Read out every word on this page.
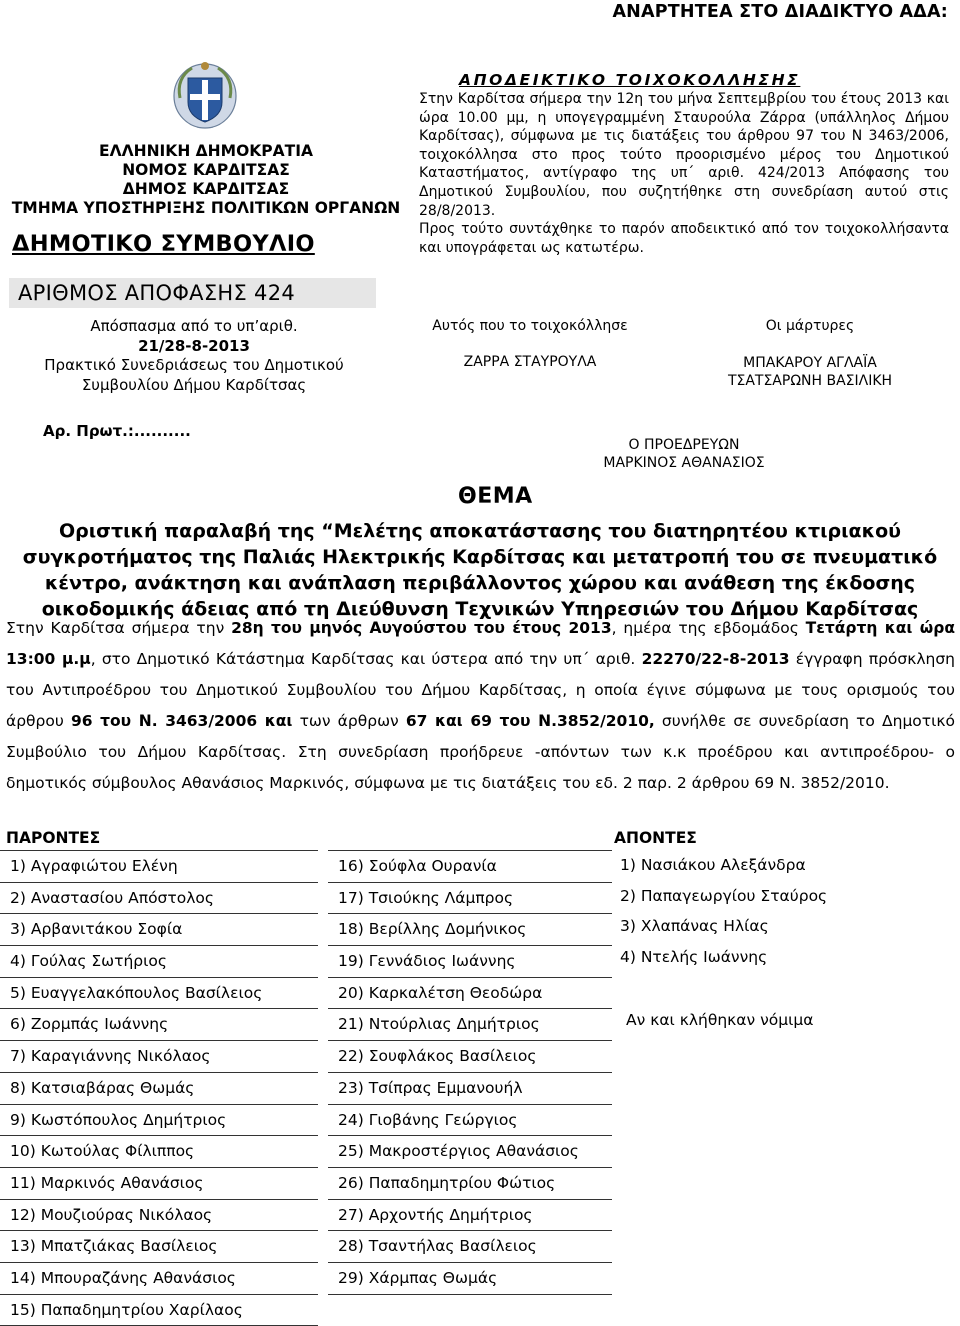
ΑΝΑΡΤΗΤΕΑ ΣΤΟ ΔΙΑΔΙΚΤΥΟ ΑΔΑ:
ΕΛΛΗΝΙΚΗ ΔΗΜΟΚΡΑΤΙΑ
ΝΟΜΟΣ ΚΑΡΔΙΤΣΑΣ
ΔΗΜΟΣ ΚΑΡΔΙΤΣΑΣ
ΤΜΗΜΑ ΥΠΟΣΤΗΡΙΞΗΣ ΠΟΛΙΤΙΚΩΝ ΟΡΓΑΝΩΝ
ΔΗΜΟΤΙΚΟ ΣΥΜΒΟΥΛΙΟ
ΑΠΟΔΕΙΚΤΙΚΟ ΤΟΙΧΟΚΟΛΛΗΣΗΣ
Στην Καρδίτσα σήμερα την 12η του μήνα Σεπτεμβρίου του έτους 2013 και ώρα 10.00 μμ, η υπογεγραμμένη Σταυρούλα Ζάρρα (υπάλληλος Δήμου Καρδίτσας), σύμφωνα με τις διατάξεις του άρθρου 97 του Ν 3463/2006, τοιχοκόλλησα στο προς τούτο προορισμένο μέρος του Δημοτικού Καταστήματος, αντίγραφο της υπ΄ αριθ. 424/2013 Απόφασης του Δημοτικού Συμβουλίου, που συζητήθηκε στη συνεδρίαση αυτού στις 28/8/2013.
Προς τούτο συντάχθηκε το παρόν αποδεικτικό από τον τοιχοκολλήσαντα και υπογράφεται ως κατωτέρω.
ΑΡΙΘΜΟΣ ΑΠΟΦΑΣΗΣ 424
Απόσπασμα από το υπ’αριθ.
21/28-8-2013
Πρακτικό Συνεδριάσεως του Δημοτικού
Συμβουλίου Δήμου Καρδίτσας
Αρ. Πρωτ.:..........
Αυτός που το τοιχοκόλλησε
ΖΑΡΡΑ ΣΤΑΥΡΟΥΛΑ
Οι μάρτυρες
ΜΠΑΚΑΡΟΥ ΑΓΛΑΪΑ
ΤΣΑΤΣΑΡΩΝΗ ΒΑΣΙΛΙΚΗ
Ο ΠΡΟΕΔΡΕΥΩΝ
ΜΑΡΚΙΝΟΣ ΑΘΑΝΑΣΙΟΣ
ΘΕΜΑ
Οριστική παραλαβή της “Μελέτης αποκατάστασης του διατηρητέου κτιριακού συγκροτήματος της Παλιάς Ηλεκτρικής Καρδίτσας και μετατροπή του σε πνευματικό κέντρο, ανάκτηση και ανάπλαση περιβάλλοντος χώρου και ανάθεση της έκδοσης οικοδομικής άδειας από τη Διεύθυνση Τεχνικών Υπηρεσιών του Δήμου Καρδίτσας
Στην Καρδίτσα σήμερα την 28η του μηνός Αυγούστου του έτους 2013, ημέρα της εβδομάδος Τετάρτη και ώρα 13:00 μ.μ, στο Δημοτικό Κάτάστημα Καρδίτσας και ύστερα από την υπ΄ αριθ. 22270/22-8-2013 έγγραφη πρόσκληση του Αντιπροέδρου του Δημοτικού Συμβουλίου του Δήμου Καρδίτσας, η οποία έγινε σύμφωνα με τους ορισμούς του άρθρου 96 του Ν. 3463/2006 και των άρθρων 67 και 69 του Ν.3852/2010, συνήλθε σε συνεδρίαση το Δημοτικό Συμβούλιο του Δήμου Καρδίτσας. Στη συνεδρίαση προήδρευε -απόντων των κ.κ προέδρου και αντιπροέδρου- ο δημοτικός σύμβουλος Αθανάσιος Μαρκινός, σύμφωνα με τις διατάξεις του εδ. 2 παρ. 2 άρθρου 69 Ν. 3852/2010.
ΠΑΡΟΝΤΕΣ	ΑΠΟΝΤΕΣ
1) Αγραφιώτου Ελένη
2) Αναστασίου Απόστολος
3) Αρβανιτάκου Σοφία
4) Γούλας Σωτήριος
5) Ευαγγελακόπουλος Βασίλειος
6) Ζορμπάς Ιωάννης
7) Καραγιάννης Νικόλαος
8) Κατσιαβάρας Θωμάς
9) Κωστόπουλος Δημήτριος
10) Κωτούλας Φίλιππος
11) Μαρκινός Αθανάσιος
12) Μουζιούρας Νικόλαος
13) Μπατζιάκας Βασίλειος
14) Μπουραζάνης Αθανάσιος
15) Παπαδημητρίου Χαρίλαος
16) Σούφλα Ουρανία
17) Τσιούκης Λάμπρος
18) Βερίλλης Δομήνικος
19) Γεννάδιος Ιωάννης
20) Καρκαλέτση Θεοδώρα
21) Ντούρλιας Δημήτριος
22) Σουφλάκος Βασίλειος
23) Τσίπρας Εμμανουήλ
24) Γιοβάνης Γεώργιος
25) Μακροστέργιος Αθανάσιος
26) Παπαδημητρίου Φώτιος
27) Αρχοντής Δημήτριος
28) Τσαντήλας Βασίλειος
29) Χάρμπας Θωμάς
1) Νασιάκου Αλεξάνδρα
2) Παπαγεωργίου Σταύρος
3) Χλαπάνας Ηλίας
4) Ντελής Ιωάννης
Αν και κλήθηκαν νόμιμα
